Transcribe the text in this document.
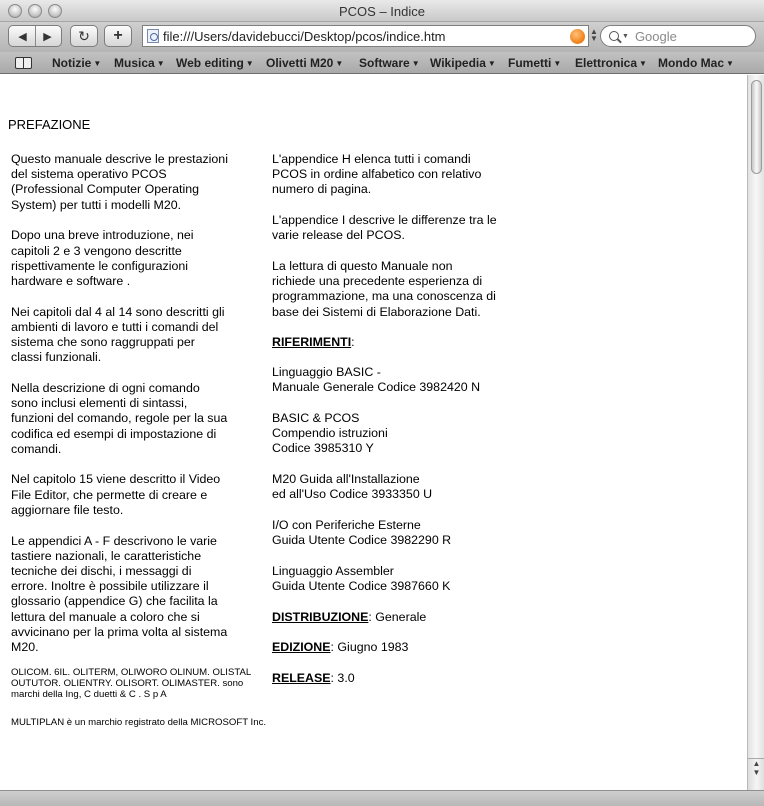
PCOS – Indice
◀	▶	↻	+	file:///Users/davidebucci/Desktop/pcos/indice.htm	▲
▼	▼ Google
Notizie ▼ Musica ▼ Web editing ▼ Olivetti M20 ▼ Software ▼ Wikipedia ▼ Fumetti ▼ Elettronica ▼ Mondo Mac ▼
PREFAZIONE

Questo manuale descrive le prestazioni del sistema operativo PCOS (Professional Computer Operating System) per tutti i modelli M20.

Dopo una breve introduzione, nei capitoli 2 e 3 vengono descritte rispettivamente le configurazioni hardware e software .

Nei capitoli dal 4 al 14 sono descritti gli ambienti di lavoro e tutti i comandi del sistema che sono raggruppati per classi funzionali.

Nella descrizione di ogni comando sono inclusi elementi di sintassi, funzioni del comando, regole per la sua codifica ed esempi di impostazione di comandi.

Nel capitolo 15 viene descritto il Video File Editor, che permette di creare e aggiornare file testo.

Le appendici A - F descrivono le varie tastiere nazionali, le caratteristiche tecniche dei dischi, i messaggi di errore. Inoltre è possibile utilizzare il glossario (appendice G) che facilita la lettura del manuale a coloro che si avvicinano per la prima volta al sistema M20.

OLICOM. 6IL. OLITERM, OLIWORO OLINUM. OLISTAL OUTUTOR. OLIENTRY. OLISORT. OLIMASTER. sono marchi della Ing, C duetti & C . S p A

MULTIPLAN è un marchio registrato della MICROSOFT Inc.

L'appendice H elenca tutti i comandi PCOS in ordine alfabetico con relativo numero di pagina.

L'appendice I descrive le differenze tra le varie release del PCOS.

La lettura di questo Manuale non richiede una precedente esperienza di programmazione, ma una conoscenza di base dei Sistemi di Elaborazione Dati.

RIFERIMENTI:

Linguaggio BASIC -
Manuale Generale Codice 3982420 N

BASIC & PCOS
Compendio istruzioni
Codice 3985310 Y

M20 Guida all'Installazione
ed all'Uso Codice 3933350 U

I/O con Periferiche Esterne
Guida Utente Codice 3982290 R

Linguaggio Assembler
Guida Utente Codice 3987660 K

DISTRIBUZIONE: Generale

EDIZIONE: Giugno 1983

RELEASE: 3.0

▲
▼
